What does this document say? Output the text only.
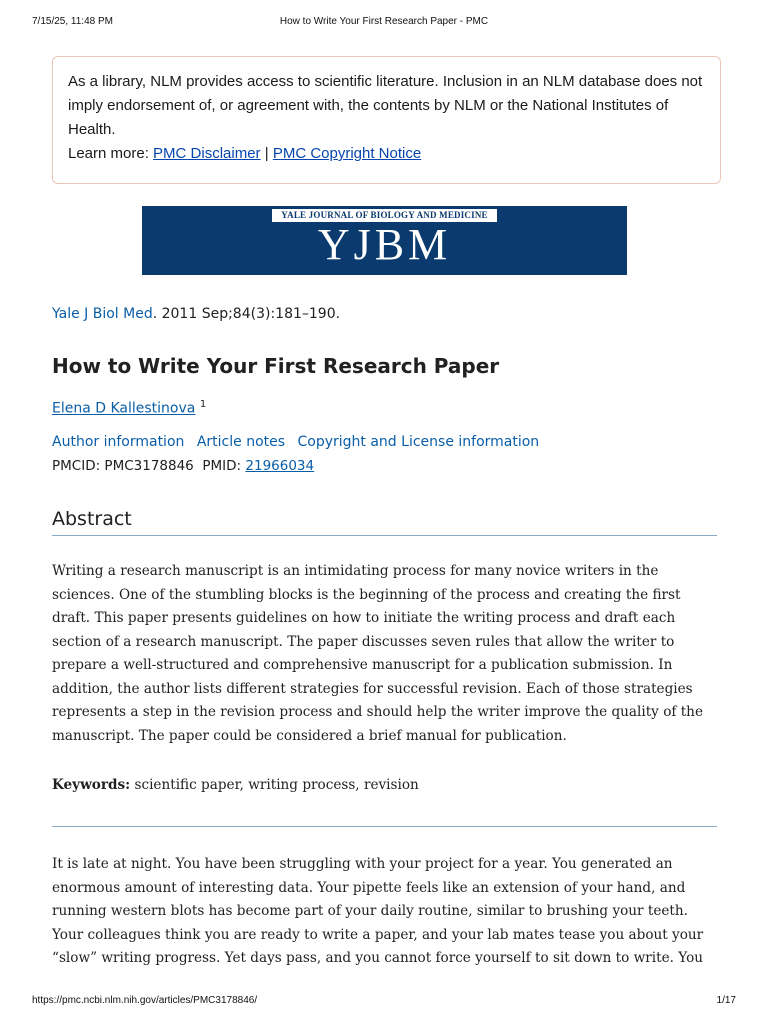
7/15/25, 11:48 PM	How to Write Your First Research Paper - PMC
As a library, NLM provides access to scientific literature. Inclusion in an NLM database does not imply endorsement of, or agreement with, the contents by NLM or the National Institutes of Health.
Learn more: PMC Disclaimer | PMC Copyright Notice
YALE JOURNAL OF BIOLOGY AND MEDICINE
YJBM
Yale J Biol Med. 2011 Sep;84(3):181–190.
How to Write Your First Research Paper
Elena D Kallestinova $^1$
Author information Article notes Copyright and License information
PMCID: PMC3178846 PMID: 21966034
Abstract
Writing a research manuscript is an intimidating process for many novice writers in the sciences. One of the stumbling blocks is the beginning of the process and creating the first draft. This paper presents guidelines on how to initiate the writing process and draft each section of a research manuscript. The paper discusses seven rules that allow the writer to prepare a well-structured and comprehensive manuscript for a publication submission. In addition, the author lists different strategies for successful revision. Each of those strategies represents a step in the revision process and should help the writer improve the quality of the manuscript. The paper could be considered a brief manual for publication.
Keywords: scientific paper, writing process, revision
It is late at night. You have been struggling with your project for a year. You generated an enormous amount of interesting data. Your pipette feels like an extension of your hand, and running western blots has become part of your daily routine, similar to brushing your teeth. Your colleagues think you are ready to write a paper, and your lab mates tease you about your “slow” writing progress. Yet days pass, and you cannot force yourself to sit down to write. You
https://pmc.ncbi.nlm.nih.gov/articles/PMC3178846/	1/17
